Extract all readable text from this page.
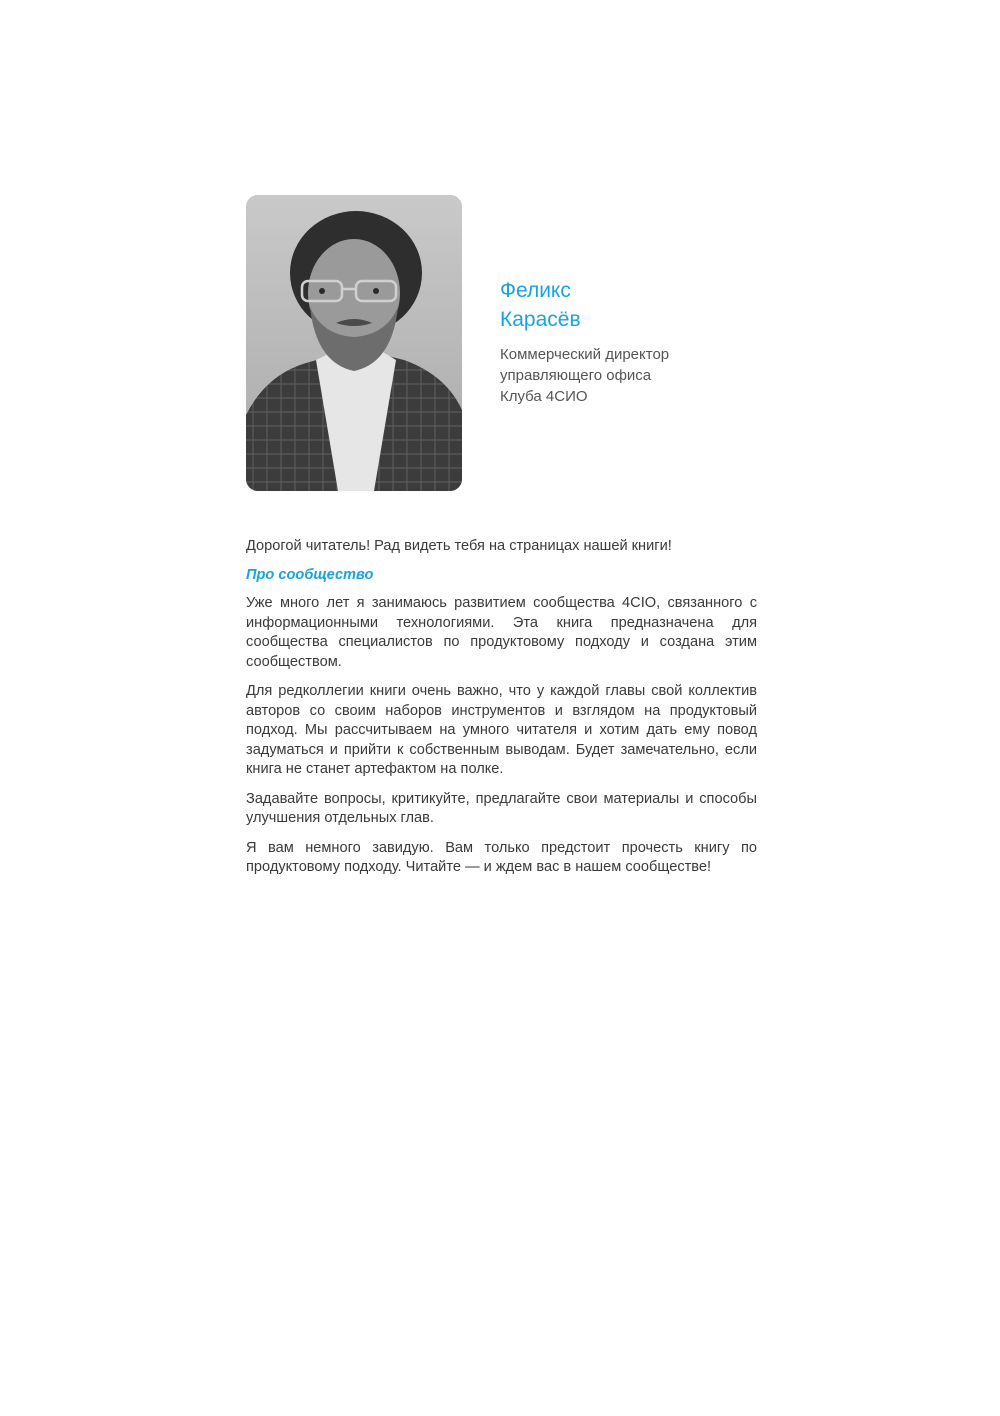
Феликс
Карасёв
Коммерческий директор
управляющего офиса
Клуба 4СИО

Дорогой читатель! Рад видеть тебя на страницах нашей книги!

Про сообщество

Уже много лет я занимаюсь развитием сообщества 4CIO, связанного с информационными технологиями. Эта книга предназначена для сообщества специалистов по продуктовому подходу и создана этим сообществом.

Для редколлегии книги очень важно, что у каждой главы свой коллектив авторов со своим наборов инструментов и взглядом на продуктовый подход. Мы рассчитываем на умного читателя и хотим дать ему повод задуматься и прийти к собственным выводам. Будет замечательно, если книга не станет артефактом на полке.

Задавайте вопросы, критикуйте, предлагайте свои материалы и способы улучшения отдельных глав.

Я вам немного завидую. Вам только предстоит прочесть книгу по продуктовому подходу. Читайте — и ждем вас в нашем сообществе!
